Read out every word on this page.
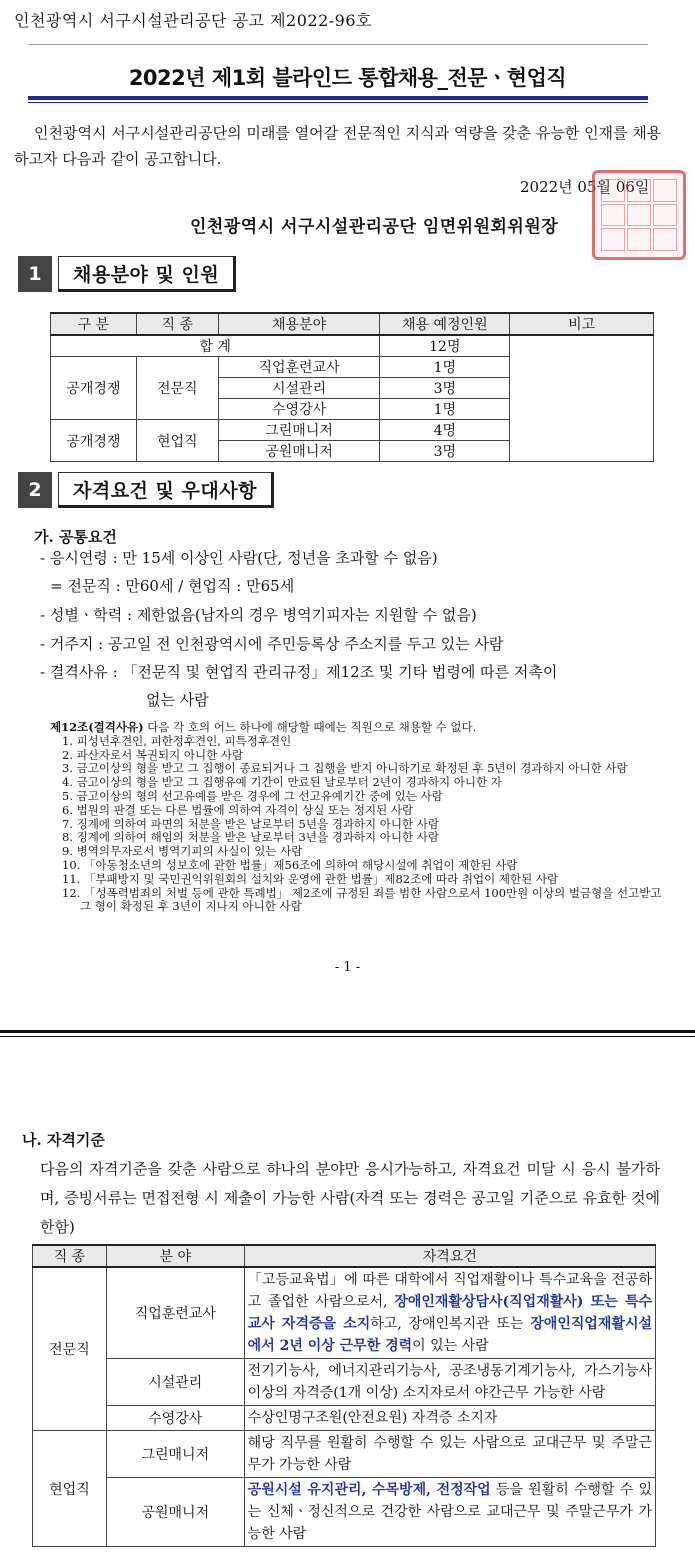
인천광역시 서구시설관리공단 공고 제2022-96호
2022년 제1회 블라인드 통합채용_전문ㆍ현업직
인천광역시 서구시설관리공단의 미래를 열어갈 전문적인 지식과 역량을 갖춘 유능한 인재를 채용하고자 다음과 같이 공고합니다.
2022년 05월 06일
인천광역시 서구시설관리공단 임면위원회위원장
1	채용분야 및 인원
구 분	직 종	채용분야	채용 예정인원	비고
합 계			12명	
공개경쟁	전문직	직업훈련교사	1명	
		시설관리	3명	
		수영강사	1명	
공개경쟁	현업직	그린매니저	4명	
		공원매니저	3명	
2	자격요건 및 우대사항
가. 공통요건
- 응시연령 : 만 15세 이상인 사람(단, 정년을 초과할 수 없음)
= 전문직 : 만60세 / 현업직 : 만65세
- 성별ㆍ학력 : 제한없음(남자의 경우 병역기피자는 지원할 수 없음)
- 거주지 : 공고일 전 인천광역시에 주민등록상 주소지를 두고 있는 사람
- 결격사유 : 「전문직 및 현업직 관리규정」제12조 및 기타 법령에 따른 저촉이
없는 사람
제12조(결격사유) 다음 각 호의 어느 하나에 해당할 때에는 직원으로 채용할 수 없다.
1. 피성년후견인, 피한정후견인, 피특정후견인
2. 파산자로서 복권되지 아니한 사람
3. 금고이상의 형을 받고 그 집행이 종료되거나 그 집행을 받지 아니하기로 확정된 후 5년이 경과하지 아니한 사람
4. 금고이상의 형을 받고 그 집행유예 기간이 만료된 날로부터 2년이 경과하지 아니한 자
5. 금고이상의 형의 선고유예를 받은 경우에 그 선고유예기간 중에 있는 사람
6. 법원의 판결 또는 다른 법률에 의하여 자격이 상실 또는 정지된 사람
7. 징계에 의하여 파면의 처분을 받은 날로부터 5년을 경과하지 아니한 사람
8. 징계에 의하여 해임의 처분을 받은 날로부터 3년을 경과하지 아니한 사람
9. 병역의무자로서 병역기피의 사실이 있는 사람
10. 「아동청소년의 성보호에 관한 법률」제56조에 의하여 해당시설에 취업이 제한된 사람
11. 「부패방지 및 국민권익위원회의 설치와 운영에 관한 법률」제82조에 따라 취업이 제한된 사람
12. 「성폭력범죄의 처벌 등에 관한 특례법」 제2조에 규정된 죄를 범한 사람으로서 100만원 이상의 벌금형을 선고받고 그 형이 확정된 후 3년이 지나지 아니한 사람
- 1 -
나. 자격기준
다음의 자격기준을 갖춘 사람으로 하나의 분야만 응시가능하고, 자격요건 미달 시 응시 불가하며, 증빙서류는 면접전형 시 제출이 가능한 사람(자격 또는 경력은 공고일 기준으로 유효한 것에 한함)
직 종	분 야	자격요건
전문직	직업훈련교사	「고등교육법」에 따른 대학에서 직업재활이나 특수교육을 전공하고 졸업한 사람으로서, 장애인재활상담사(직업재활사) 또는 특수교사 자격증을 소지하고, 장애인복지관 또는 장애인직업재활시설에서 2년 이상 근무한 경력이 있는 사람
	시설관리	전기기능사, 에너지관리기능사, 공조냉동기계기능사, 가스기능사 이상의 자격증(1개 이상) 소지자로서 야간근무 가능한 사람
	수영강사	수상인명구조원(안전요원) 자격증 소지자
현업직	그린매니저	해당 직무를 원활히 수행할 수 있는 사람으로 교대근무 및 주말근무가 가능한 사람
	공원매니저	공원시설 유지관리, 수목방제, 전정작업 등을 원활히 수행할 수 있는 신체ㆍ정신적으로 건강한 사람으로 교대근무 및 주말근무가 가능한 사람
